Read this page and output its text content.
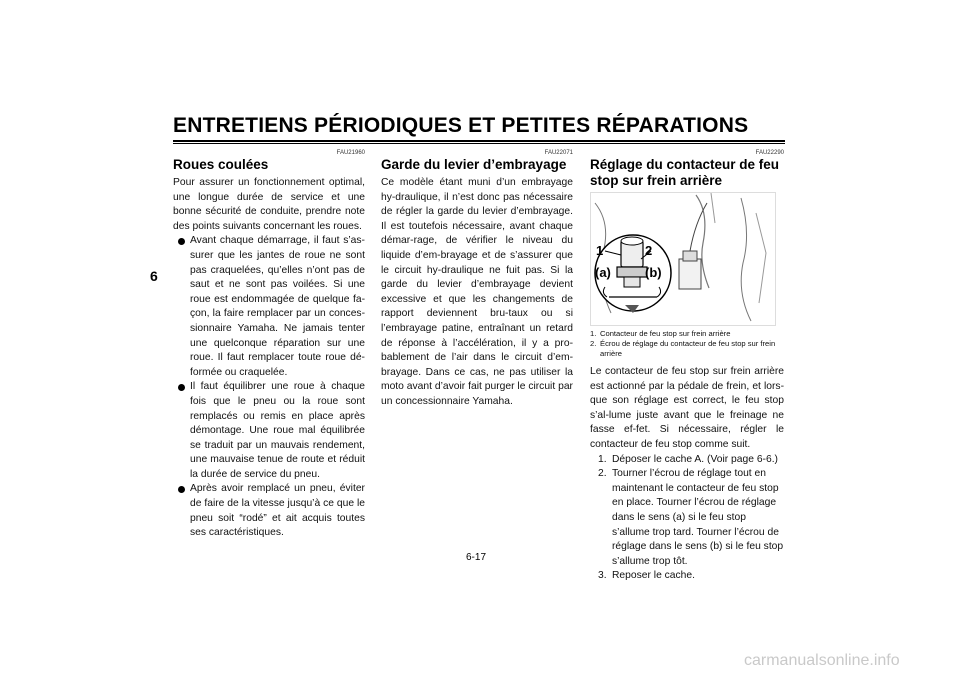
ENTRETIENS PÉRIODIQUES ET PETITES RÉPARATIONS
6
FAU21960
Roues coulées

Pour assurer un fonctionnement optimal, une longue durée de service et une bonne sécurité de conduite, prendre note des points suivants concernant les roues.

Avant chaque démarrage, il faut s’as-surer que les jantes de roue ne sont pas craquelées, qu’elles n’ont pas de saut et ne sont pas voilées. Si une roue est endommagée de quelque fa-çon, la faire remplacer par un conces-sionnaire Yamaha. Ne jamais tenter une quelconque réparation sur une roue. Il faut remplacer toute roue dé-formée ou craquelée.
Il faut équilibrer une roue à chaque fois que le pneu ou la roue sont remplacés ou remis en place après démontage. Une roue mal équilibrée se traduit par un mauvais rendement, une mauvaise tenue de route et réduit la durée de service du pneu.
Après avoir remplacé un pneu, éviter de faire de la vitesse jusqu’à ce que le pneu soit “rodé” et ait acquis toutes ses caractéristiques.
FAU22071
Garde du levier d’embrayage

Ce modèle étant muni d’un embrayage hy-draulique, il n’est donc pas nécessaire de régler la garde du levier d’embrayage. Il est toutefois nécessaire, avant chaque démar-rage, de vérifier le niveau du liquide d’em-brayage et de s’assurer que le circuit hy-draulique ne fuit pas. Si la garde du levier d’embrayage devient excessive et que les changements de rapport deviennent bru-taux ou si l’embrayage patine, entraînant un retard de réponse à l’accélération, il y a pro-bablement de l’air dans le circuit d’em-brayage. Dans ce cas, ne pas utiliser la moto avant d’avoir fait purger le circuit par un concessionnaire Yamaha.

FAU22290
Réglage du contacteur de feu stop sur frein arrière
1	2
(a)	(b)

1. Contacteur de feu stop sur frein arrière

2. Écrou de réglage du contacteur de feu stop sur frein arrière

Le contacteur de feu stop sur frein arrière est actionné par la pédale de frein, et lors-que son réglage est correct, le feu stop s’al-lume juste avant que le freinage ne fasse ef-fet. Si nécessaire, régler le contacteur de feu stop comme suit.

1. Déposer le cache A. (Voir page 6-6.)
2. Tourner l’écrou de réglage tout en maintenant le contacteur de feu stop en place. Tourner l’écrou de réglage dans le sens (a) si le feu stop s’allume trop tard. Tourner l’écrou de réglage dans le sens (b) si le feu stop s’allume trop tôt.
3. Reposer le cache.
6-17
carmanualsonline.info
